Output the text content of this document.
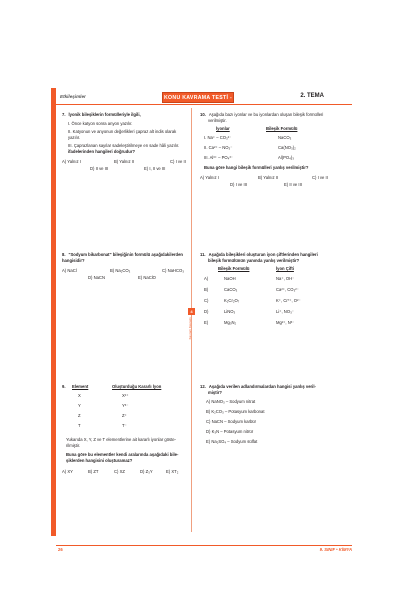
Etkileşimler	KONU KAVRAMA TESTİ - 3
2. TEMA
4
Kavram Kavramı
7. İyonik bileşiklerin formülleriyle ilgili,
I. Önce katyon sonra anyon yazılır.
II. Katyonun ve anyonun değerlikleri çapraz alt indis olarak
yazılır.
III. Çaprazlanan sayılar sadeleştirilmeye en sade hâli yazılır.
ifadelerinden hangileri doğrudur?
A) Yalnız I	B) Yalnız II	C) I ve II
D) II ve III	E) I, II ve III
8. "Sodyum bikarbonat" bileşiğinin formülü aşağıdakilerden hangisidir?
A) NaCl	B) Na₂CO₃	C) NaHCO₃
D) NaCN	E) NaClO
9. Element	Oluşturduğu Kararlı İyon
X	X²⁺
Y	Y³⁻
Z	Z⁺
T	T⁻
Yukarıda X, Y, Z ve T elementlerine ait kararlı iyonlar göste-
rilmiştir.
Buna göre bu elementler kendi aralarında aşağıdaki bile-
şiklerden hangisini oluşturamaz?
A) XY	B) ZT	C) XZ	D) Z₃Y	E) XT₂
10. Aşağıda bazı iyonlar ve bu iyonlardan oluşan bileşik formülleri
verilmiştir.
İyonlar	Bileşik Formülü
I. Na⁺ – CO₃²⁻	NaCO₃
II. Ca²⁺ – NO₃⁻	Ca(NO₃)₂
III. Al³⁺ – PO₄³⁻	Al(PO₄)₃
Buna göre hangi bileşik formülleri yanlış verilmiştir?
A) Yalnız I	B) Yalnız II	C) I ve II
D) I ve III	E) II ve III
11. Aşağıda bileşikleri oluşturan iyon çiftlerinden hangileri
bileşik formülünün yanında yanlış verilmiştir?
Bileşik Formülü	İyon Çifti
A)	NaOH	Na⁺, OH⁻
B)	CaCO₃	Ca²⁺, CO₃²⁻
C)	K₂Cr₂O₇	K⁺, Cr⁷⁺, O²⁻
D)	LiNO₃	Li⁺, NO₃⁻
E)	Mg₃N₂	Mg²⁺, N³⁻
12. Aşağıda verilen adlandırmalardan hangisi yanlış veril-
miştir?
A) NaNO₃ – Sodyum nitrat
B) K₂CO₃ – Potasyum karbonat
C) NaCN – Sodyum karbür
D) K₃N – Potasyum nitrür
E) Na₂SO₄ – Sodyum sülfat
26	9. SINIF • KİMYA
